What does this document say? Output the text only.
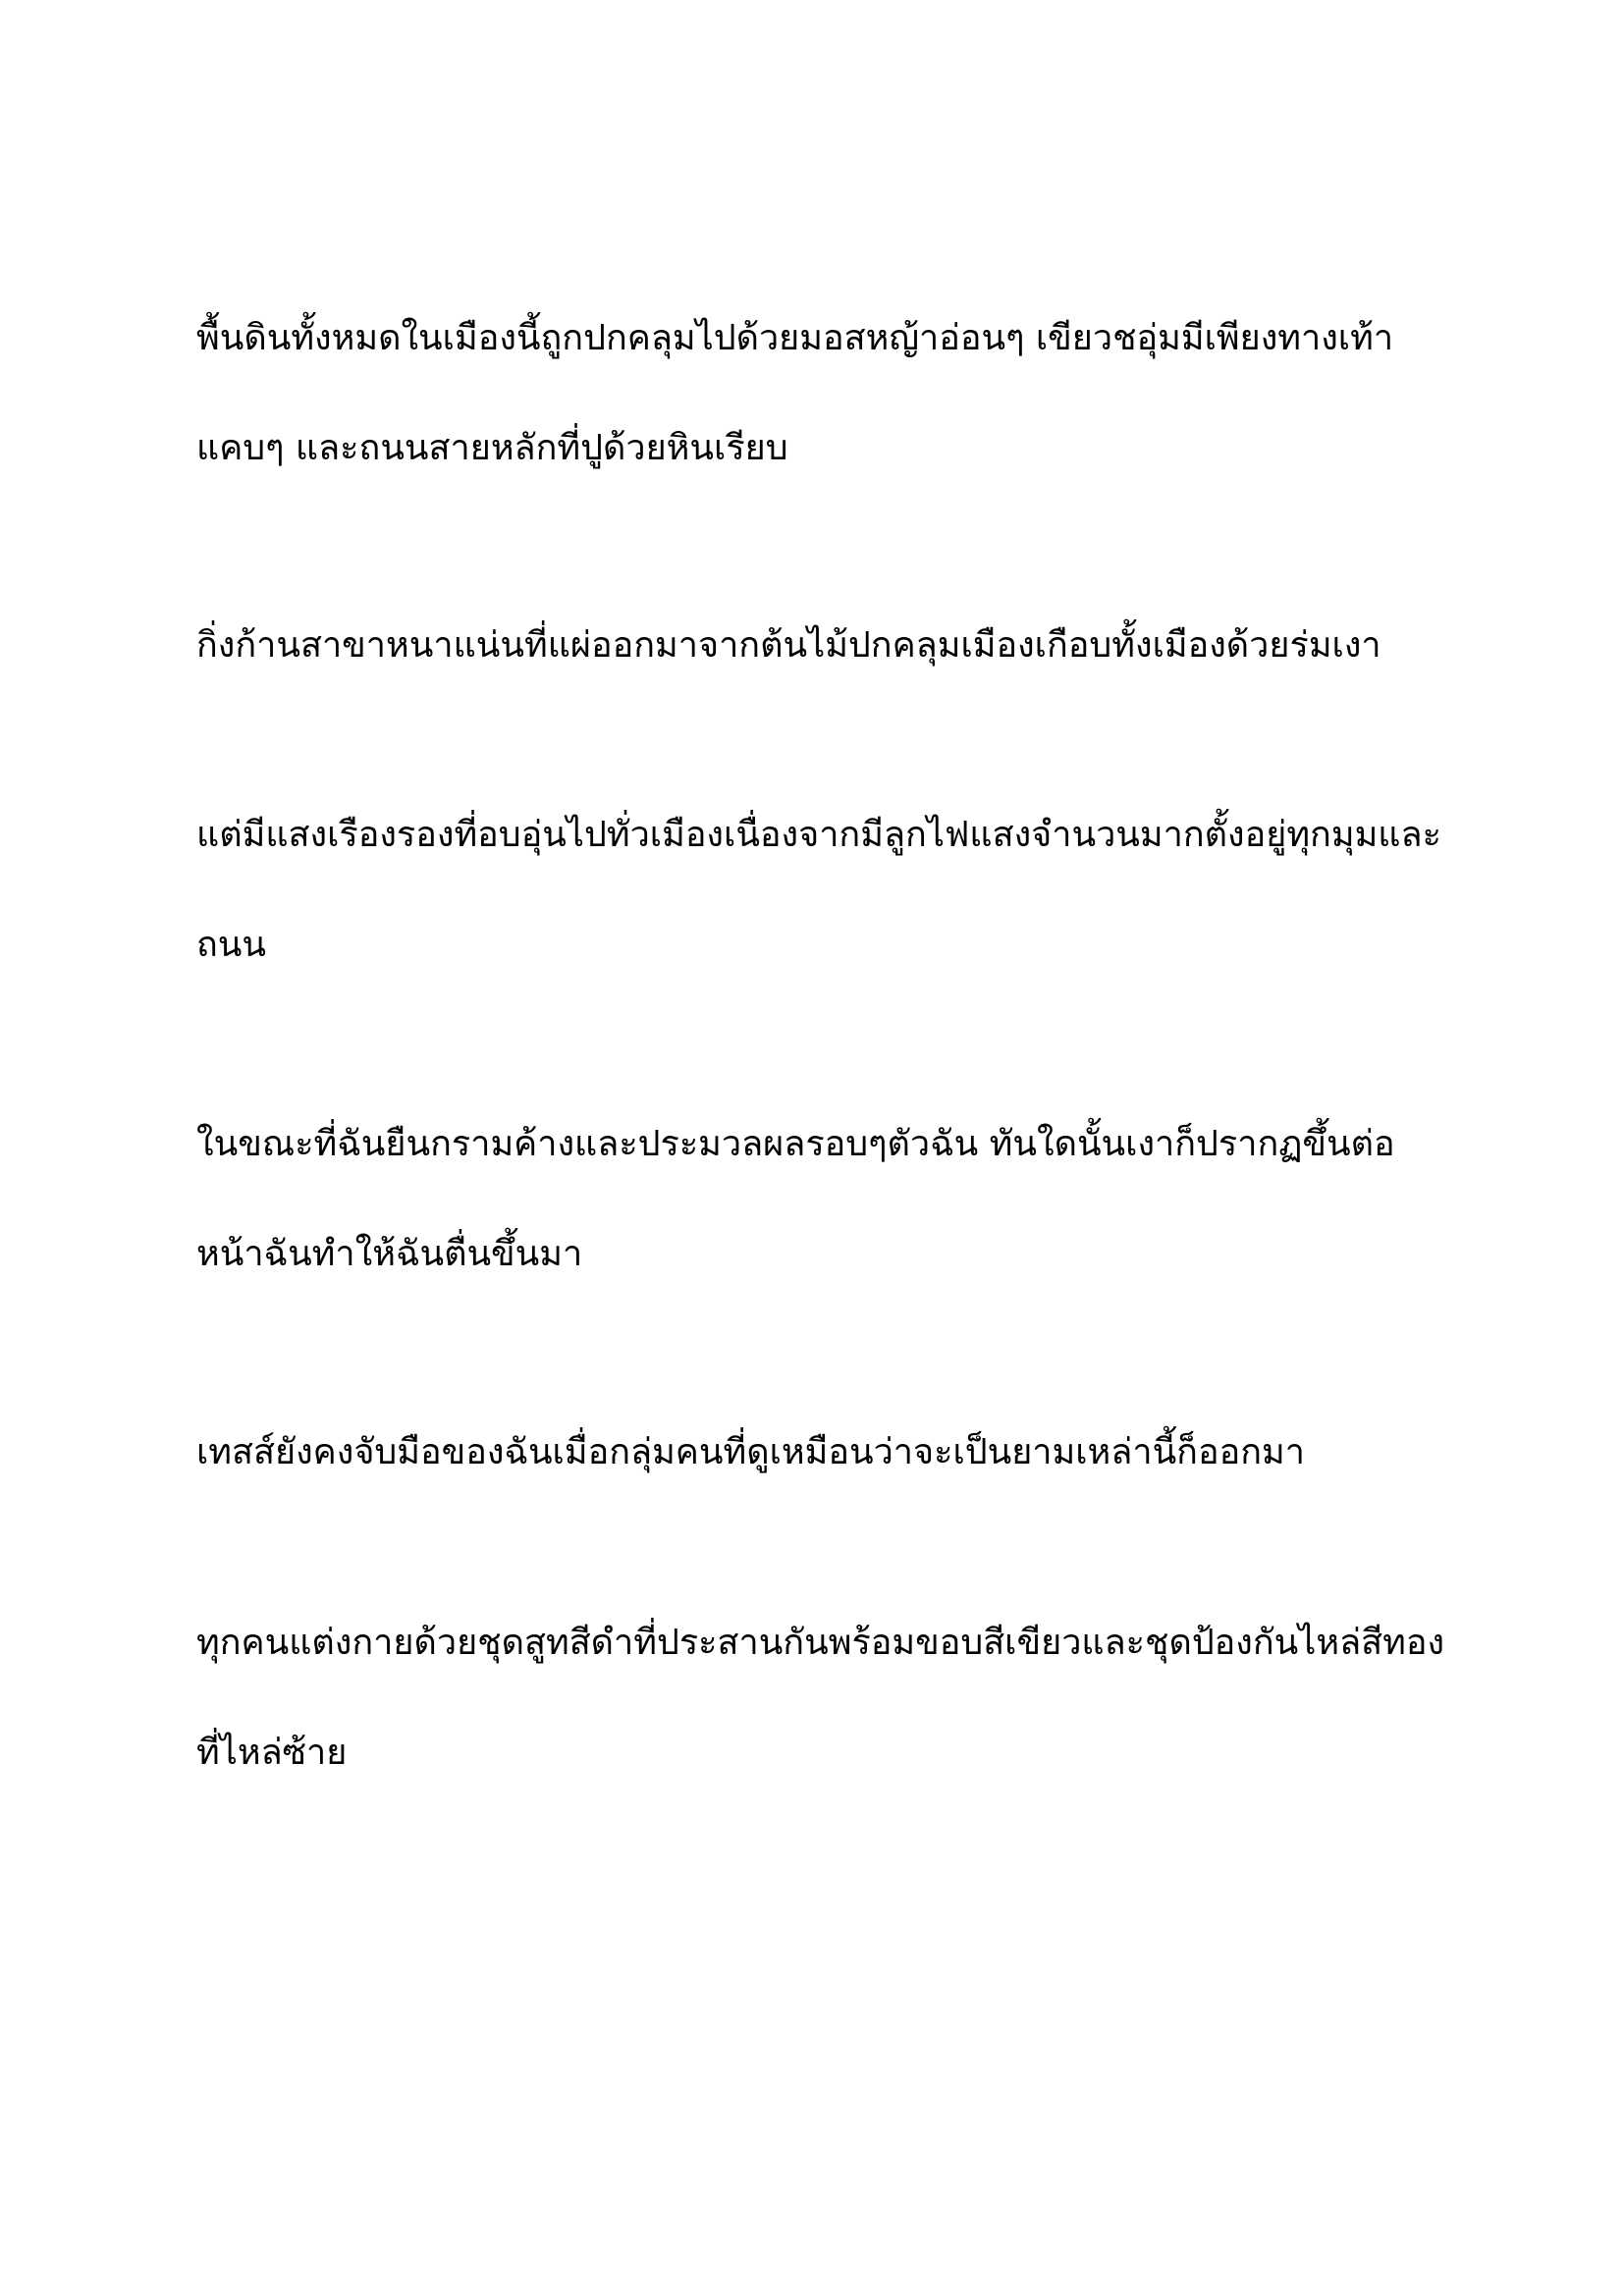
พื้นดินทั้งหมดในเมืองนี้ถูกปกคลุมไปด้วยมอสหญ้าอ่อนๆ เขียวชอุ่มมีเพียงทางเท้าแคบๆ และถนนสายหลักที่ปูด้วยหินเรียบ

กิ่งก้านสาขาหนาแน่นที่แผ่ออกมาจากต้นไม้ปกคลุมเมืองเกือบทั้งเมืองด้วยร่มเงา

แต่มีแสงเรืองรองที่อบอุ่นไปทั่วเมืองเนื่องจากมีลูกไฟแสงจำนวนมากตั้งอยู่ทุกมุมและถนน

ในขณะที่ฉันยืนกรามค้างและประมวลผลรอบๆตัวฉัน ทันใดนั้นเงาก็ปรากฏขึ้นต่อหน้าฉันทำให้ฉันตื่นขึ้นมา

เทสส์ยังคงจับมือของฉันเมื่อกลุ่มคนที่ดูเหมือนว่าจะเป็นยามเหล่านี้ก็ออกมา

ทุกคนแต่งกายด้วยชุดสูทสีดำที่ประสานกันพร้อมขอบสีเขียวและชุดป้องกันไหล่สีทองที่ไหล่ซ้าย
